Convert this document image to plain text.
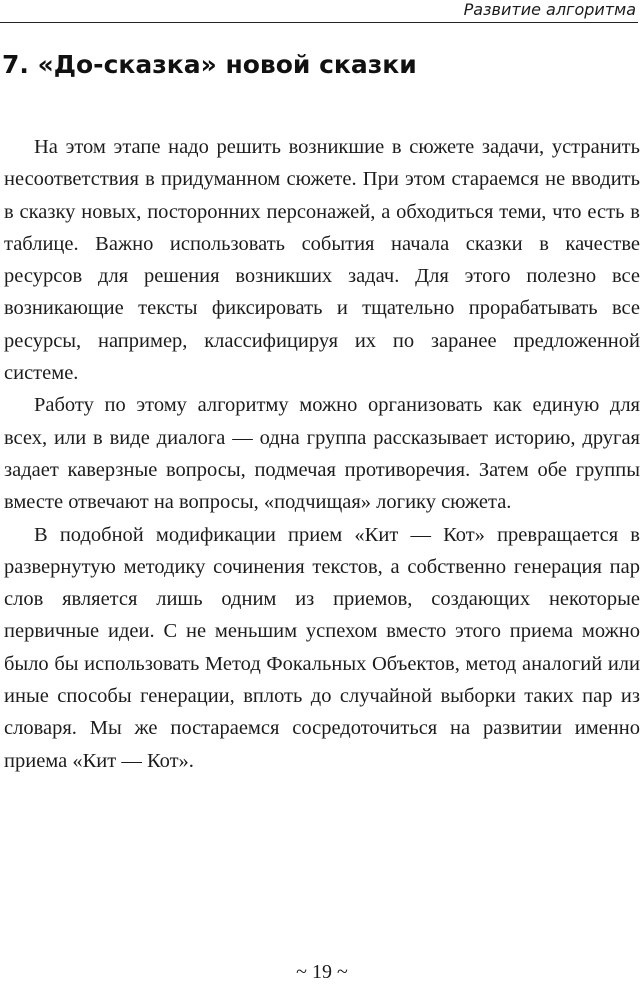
Развитие алгоритма
7. «До-сказка» новой сказки

На этом этапе надо решить возникшие в сюжете задачи, устранить несоответствия в придуманном сюжете. При этом стараемся не вводить в сказку новых, посторонних персонажей, а обходиться теми, что есть в таблице. Важно использовать события начала сказки в качестве ресурсов для решения возникших задач. Для этого полезно все возникающие тексты фиксировать и тщательно прорабатывать все ресурсы, например, классифицируя их по заранее предложенной системе.

Работу по этому алгоритму можно организовать как единую для всех, или в виде диалога — одна группа рассказывает историю, другая задает каверзные вопросы, подмечая противоречия. Затем обе группы вместе отвечают на вопросы, «подчищая» логику сюжета.

В подобной модификации прием «Кит — Кот» превращается в развернутую методику сочинения текстов, а собственно генерация пар слов является лишь одним из приемов, создающих некоторые первичные идеи. С не меньшим успехом вместо этого приема можно было бы использовать Метод Фокальных Объектов, метод аналогий или иные способы генерации, вплоть до случайной выборки таких пар из словаря. Мы же постараемся сосредоточиться на развитии именно приема «Кит — Кот».

~ 19 ~
